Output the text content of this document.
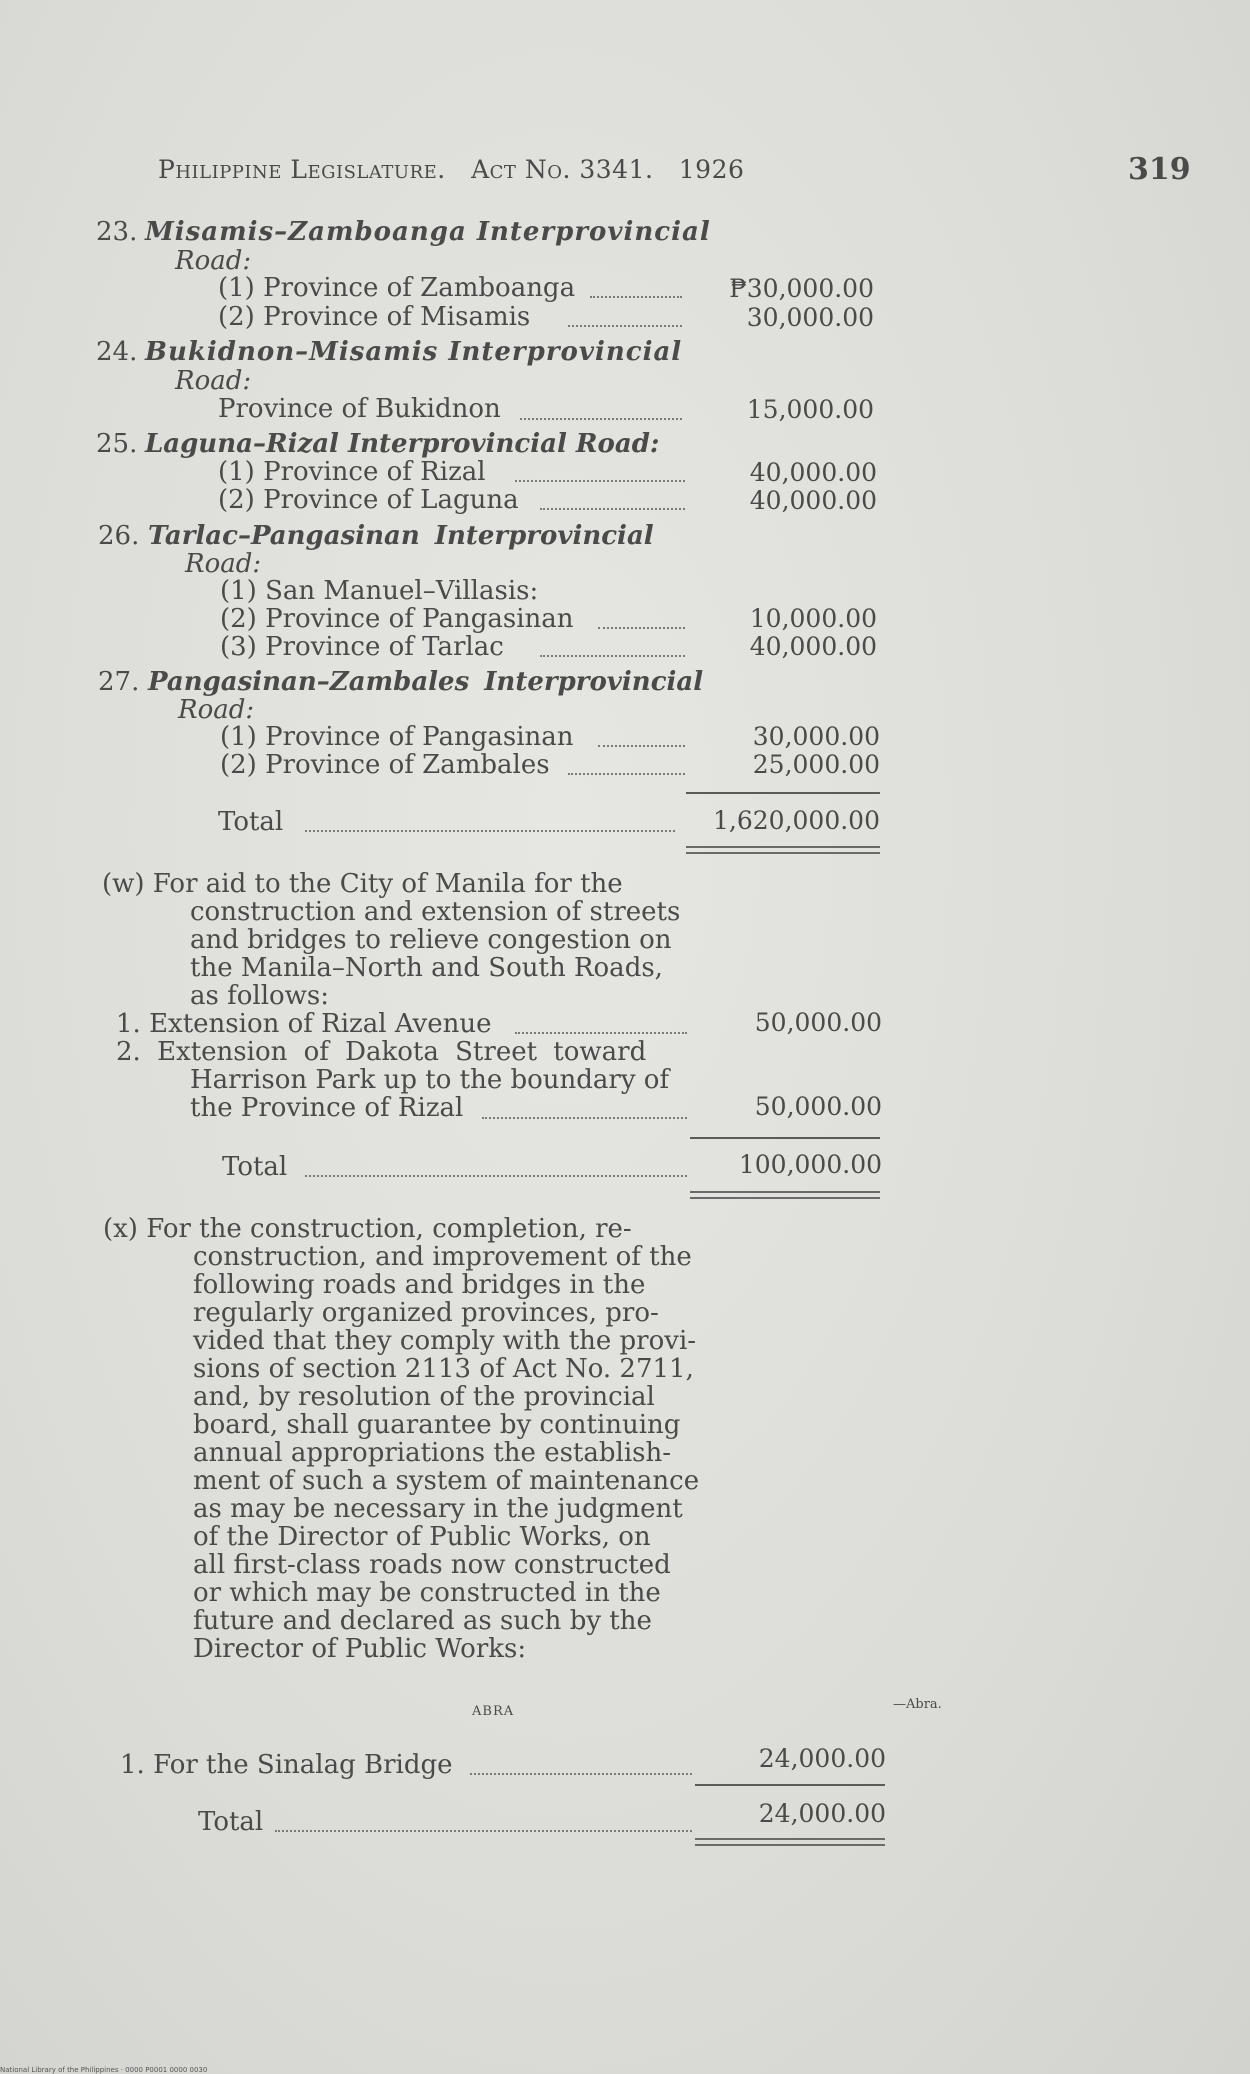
Philippine Legislature. Act No. 3341. 1926	319
23. Misamis–Zamboanga Interprovincial
Road:
(1) Province of Zamboanga	₱30,000.00
(2) Province of Misamis	30,000.00
24. Bukidnon–Misamis Interprovincial
Road:
Province of Bukidnon	15,000.00
25. Laguna–Rizal Interprovincial Road:
(1) Province of Rizal	40,000.00
(2) Province of Laguna	40,000.00
26. Tarlac–Pangasinan Interprovincial
Road:
(1) San Manuel–Villasis:
(2) Province of Pangasinan	10,000.00
(3) Province of Tarlac	40,000.00
27. Pangasinan–Zambales Interprovincial
Road:
(1) Province of Pangasinan	30,000.00
(2) Province of Zambales	25,000.00
Total	1,620,000.00
(w) For aid to the City of Manila for the
construction and extension of streets
and bridges to relieve congestion on
the Manila–North and South Roads,
as follows:
1. Extension of Rizal Avenue	50,000.00
2. Extension of Dakota Street toward
Harrison Park up to the boundary of
the Province of Rizal	50,000.00
Total	100,000.00
(x) For the construction, completion, re-
construction, and improvement of the
following roads and bridges in the
regularly organized provinces, pro-
vided that they comply with the provi-
sions of section 2113 of Act No. 2711,
and, by resolution of the provincial
board, shall guarantee by continuing
annual appropriations the establish-
ment of such a system of maintenance
as may be necessary in the judgment
of the Director of Public Works, on
all first-class roads now constructed
or which may be constructed in the
future and declared as such by the
Director of Public Works:
ABRA	—Abra.
1. For the Sinalag Bridge	24,000.00
Total	24,000.00
National Library of the Philippines · 0000 P0001 0000 0030
